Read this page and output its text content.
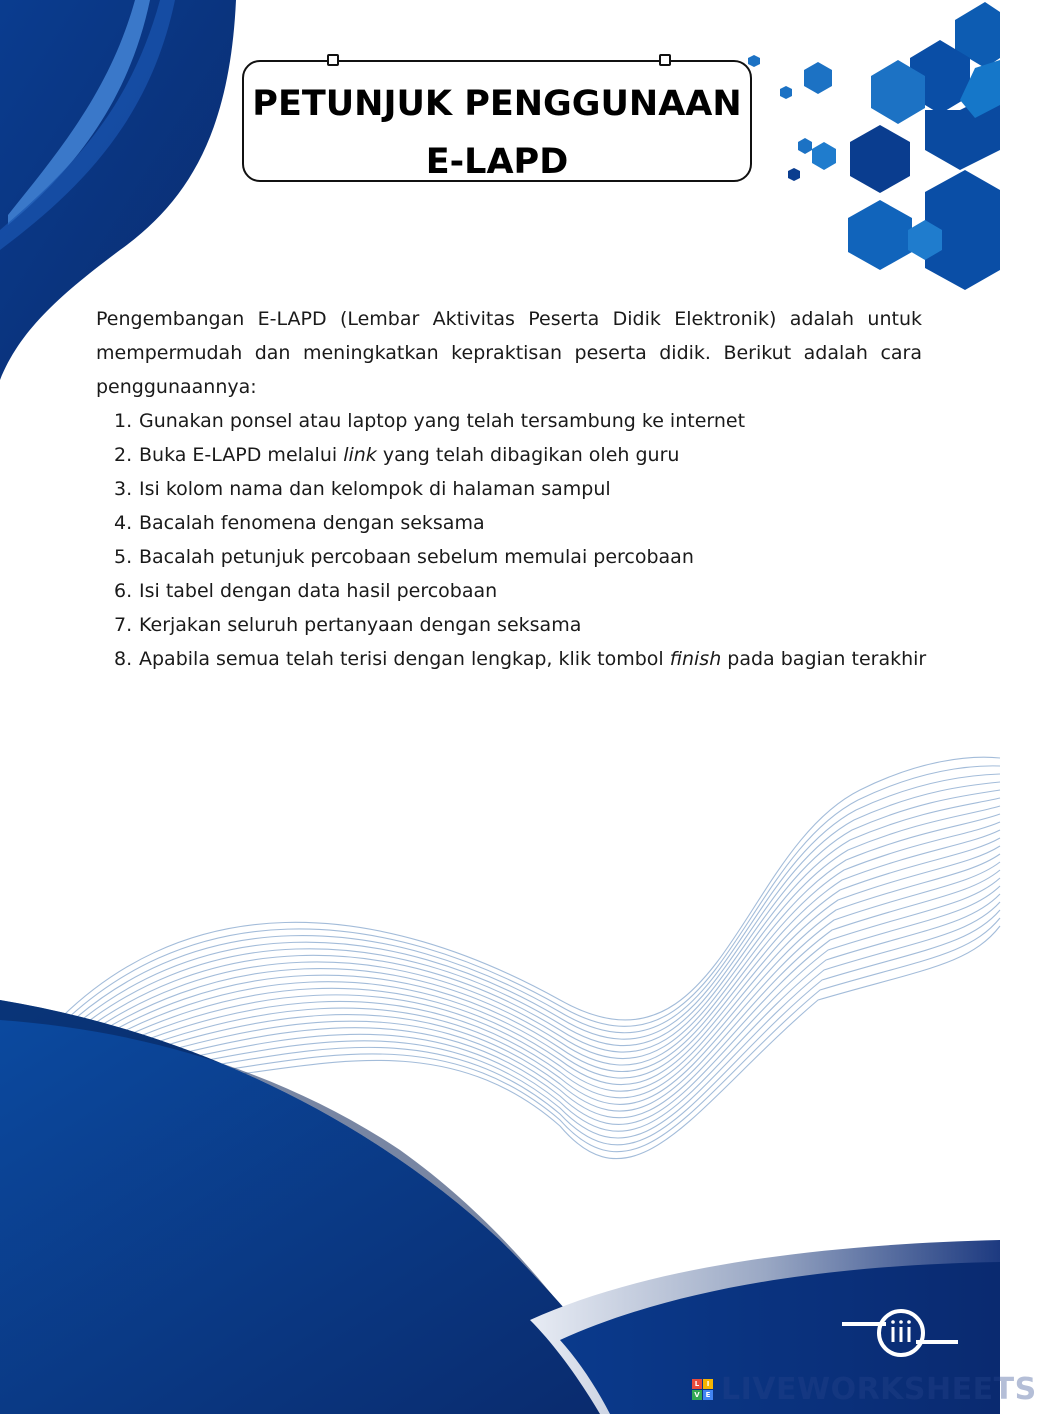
PETUNJUK PENGGUNAAN
E-LAPD

Pengembangan E-LAPD (Lembar Aktivitas Peserta Didik Elektronik) adalah untuk mempermudah dan meningkatkan kepraktisan peserta didik. Berikut adalah cara penggunaannya:

1. Gunakan ponsel atau laptop yang telah tersambung ke internet
2. Buka E-LAPD melalui link yang telah dibagikan oleh guru
3. Isi kolom nama dan kelompok di halaman sampul
4. Bacalah fenomena dengan seksama
5. Bacalah petunjuk percobaan sebelum memulai percobaan
6. Isi tabel dengan data hasil percobaan
7. Kerjakan seluruh pertanyaan dengan seksama
8. Apabila semua telah terisi dengan lengkap, klik tombol finish pada bagian terakhir
L	I
V E LIVEWORKSHEETS
